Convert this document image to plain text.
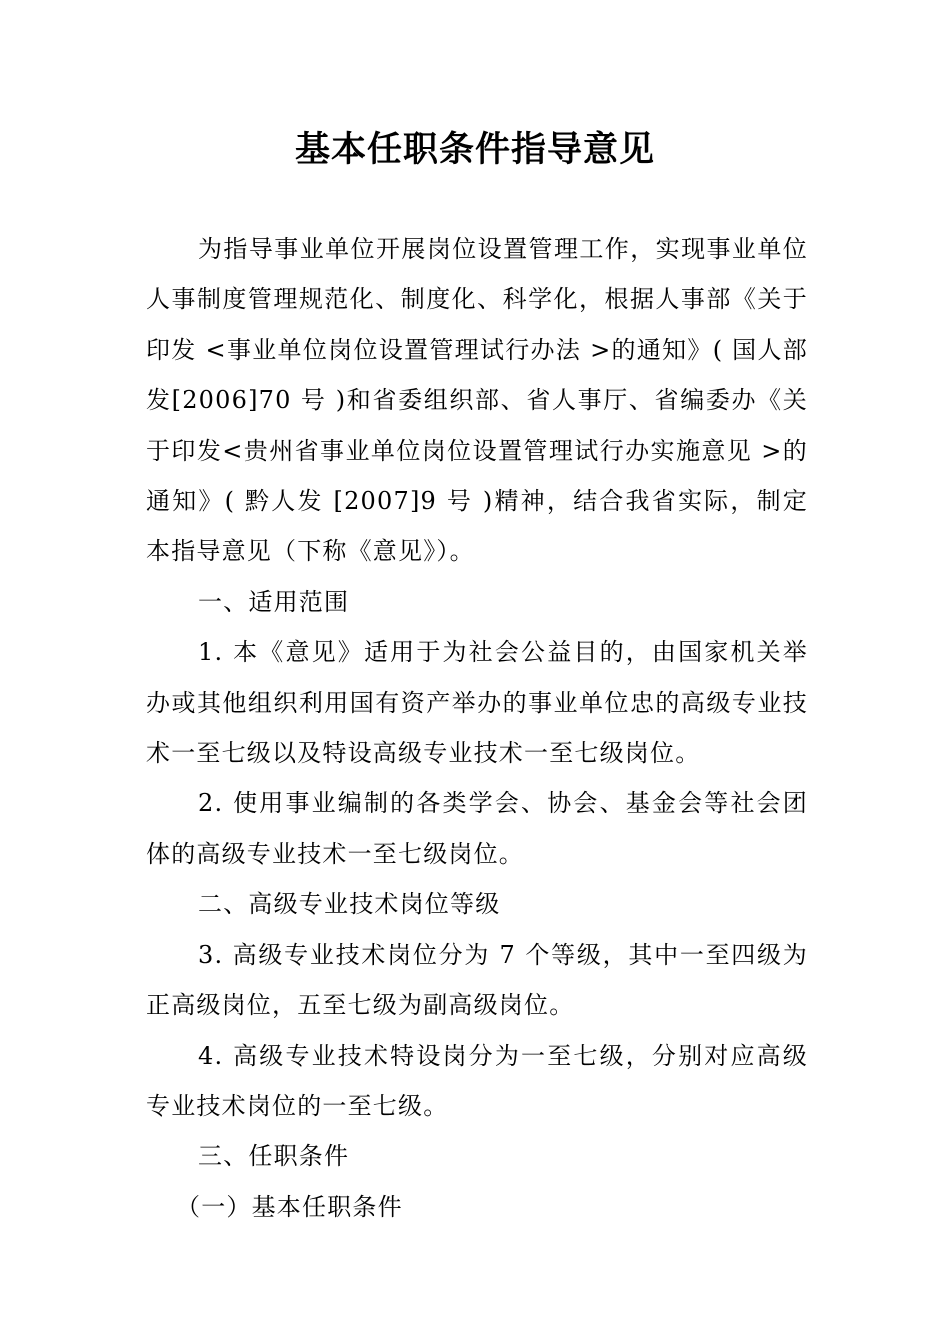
基本任职条件指导意见

为指导事业单位开展岗位设置管理工作，实现事业单位人事制度管理规范化、制度化、科学化，根据人事部《关于印发 <事业单位岗位设置管理试行办法 >的通知》( 国人部发[2006]70 号 )和省委组织部、省人事厅、省编委办《关于印发<贵州省事业单位岗位设置管理试行办实施意见 >的通知》( 黔人发 [2007]9 号 )精神，结合我省实际，制定本指导意见（下称《意见》）。

一、适用范围

1. 本《意见》适用于为社会公益目的，由国家机关举办或其他组织利用国有资产举办的事业单位忠的高级专业技术一至七级以及特设高级专业技术一至七级岗位。

2. 使用事业编制的各类学会、协会、基金会等社会团体的高级专业技术一至七级岗位。

二、高级专业技术岗位等级

3. 高级专业技术岗位分为 7 个等级，其中一至四级为正高级岗位，五至七级为副高级岗位。

4. 高级专业技术特设岗分为一至七级，分别对应高级专业技术岗位的一至七级。

三、任职条件

（一）基本任职条件
